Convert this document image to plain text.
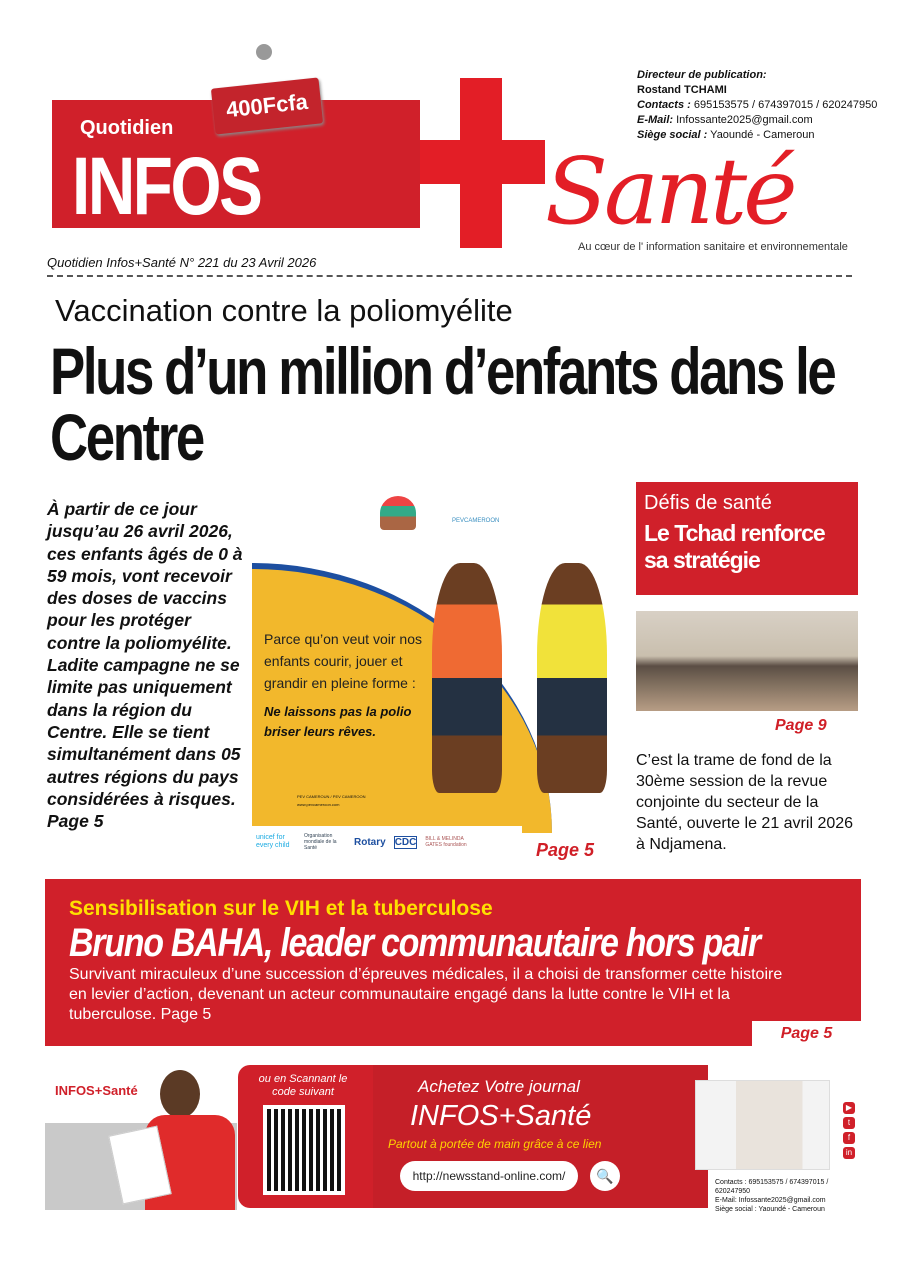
Quotidien
INFOS
400Fcfa
Santé
Au cœur de l' information sanitaire et environnementale
Directeur de publication:
Rostand TCHAMI
Contacts : 695153575 / 674397015 / 620247950
E-Mail: Infossante2025@gmail.com
Siège social : Yaoundé - Cameroun
Quotidien Infos+Santé N° 221 du 23 Avril 2026
Vaccination contre la poliomyélite
Plus d’un million d’enfants dans le Centre
À partir de ce jour jusqu’au 26 avril 2026, ces enfants âgés de 0 à 59 mois, vont recevoir des doses de vaccins pour les protéger contre la poliomyélite. Ladite campagne ne se limite pas uniquement dans la région du Centre. Elle se tient simultanément dans 05 autres régions du pays considérées à risques. Page 5
PEVCAMEROON
Parce qu’on veut voir nos enfants courir, jouer et grandir en pleine forme :
Ne laissons pas la polio briser leurs rêves.
PEV CAMEROUN / PEV CAMEROON
www.pevcameroon.com
unicef for every child
Organisation mondiale de la Santé
Rotary CDC BILL & MELINDA GATES foundation	Page 5
Défis de santé
Le Tchad renforce sa stratégie
Page 9
C’est la trame de fond de la 30ème session de la revue conjointe du secteur de la Santé, ouverte le 21 avril 2026 à Ndjamena.
Sensibilisation sur le VIH et la tuberculose
Bruno BAHA, leader communautaire hors pair
Survivant miraculeux d’une succession d’épreuves médicales, il a choisi de transformer cette histoire en levier d’action, devenant un acteur communautaire engagé dans la lutte contre le VIH et la tuberculose. Page 5
Page 5
INFOS+Santé
ou en Scannant le code suivant	Achetez Votre journal
INFOS+Santé
Partout à portée de main grâce à ce lien
http://newsstand-online.com/	🔍
▶
t
f
in
Contacts : 695153575 / 674397015 / 620247950
E-Mail: Infossante2025@gmail.com
Siège social : Yaoundé - Cameroun
